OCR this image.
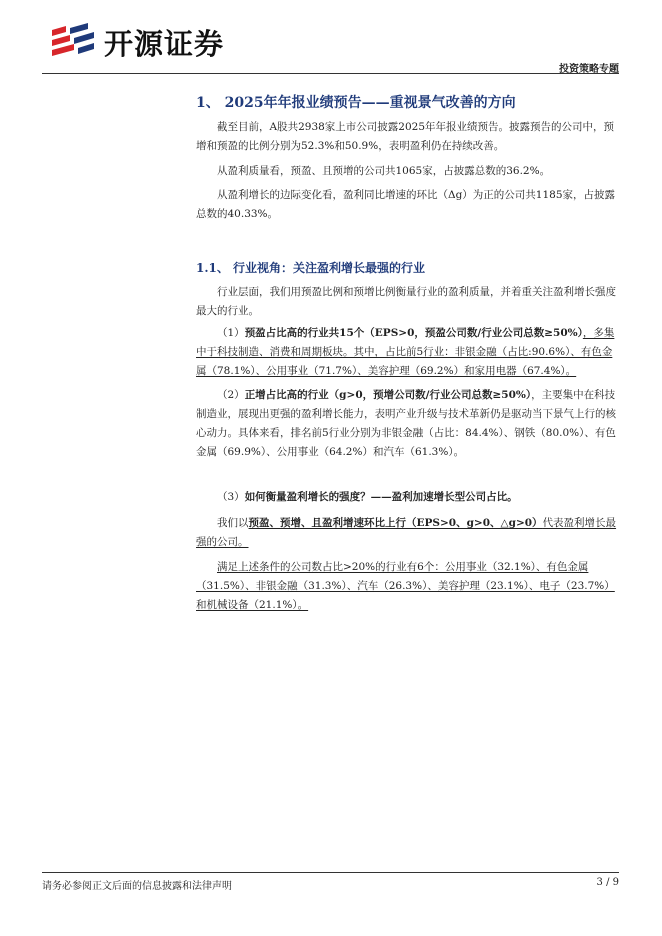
开源证券
投资策略专题
1、 2025年年报业绩预告——重视景气改善的方向

截至目前，A股共2938家上市公司披露2025年年报业绩预告。披露预告的公司中，预增和预盈的比例分别为52.3%和50.9%，表明盈利仍在持续改善。

从盈利质量看，预盈、且预增的公司共1065家，占披露总数的36.2%。

从盈利增长的边际变化看，盈利同比增速的环比（Δg）为正的公司共1185家，占披露总数的40.33%。

1.1、 行业视角：关注盈利增长最强的行业

行业层面，我们用预盈比例和预增比例衡量行业的盈利质量，并着重关注盈利增长强度最大的行业。

（1）预盈占比高的行业共15个（EPS>0，预盈公司数/行业公司总数≥50%），多集中于科技制造、消费和周期板块。其中，占比前5行业：非银金融（占比:90.6%）、有色金属（78.1%）、公用事业（71.7%）、美容护理（69.2%）和家用电器（67.4%）。

（2）正增占比高的行业（g>0，预增公司数/行业公司总数≥50%），主要集中在科技制造业，展现出更强的盈利增长能力，表明产业升级与技术革新仍是驱动当下景气上行的核心动力。具体来看，排名前5行业分别为非银金融（占比：84.4%）、钢铁（80.0%）、有色金属（69.9%）、公用事业（64.2%）和汽车（61.3%）。

（3）如何衡量盈利增长的强度？——盈利加速增长型公司占比。

我们以预盈、预增、且盈利增速环比上行（EPS>0、g>0、△g>0）代表盈利增长最强的公司。

满足上述条件的公司数占比>20%的行业有6个：公用事业（32.1%）、有色金属（31.5%）、非银金融（31.3%）、汽车（26.3%）、美容护理（23.1%）、电子（23.7%）和机械设备（21.1%）。

请务必参阅正文后面的信息披露和法律声明	3 / 9
